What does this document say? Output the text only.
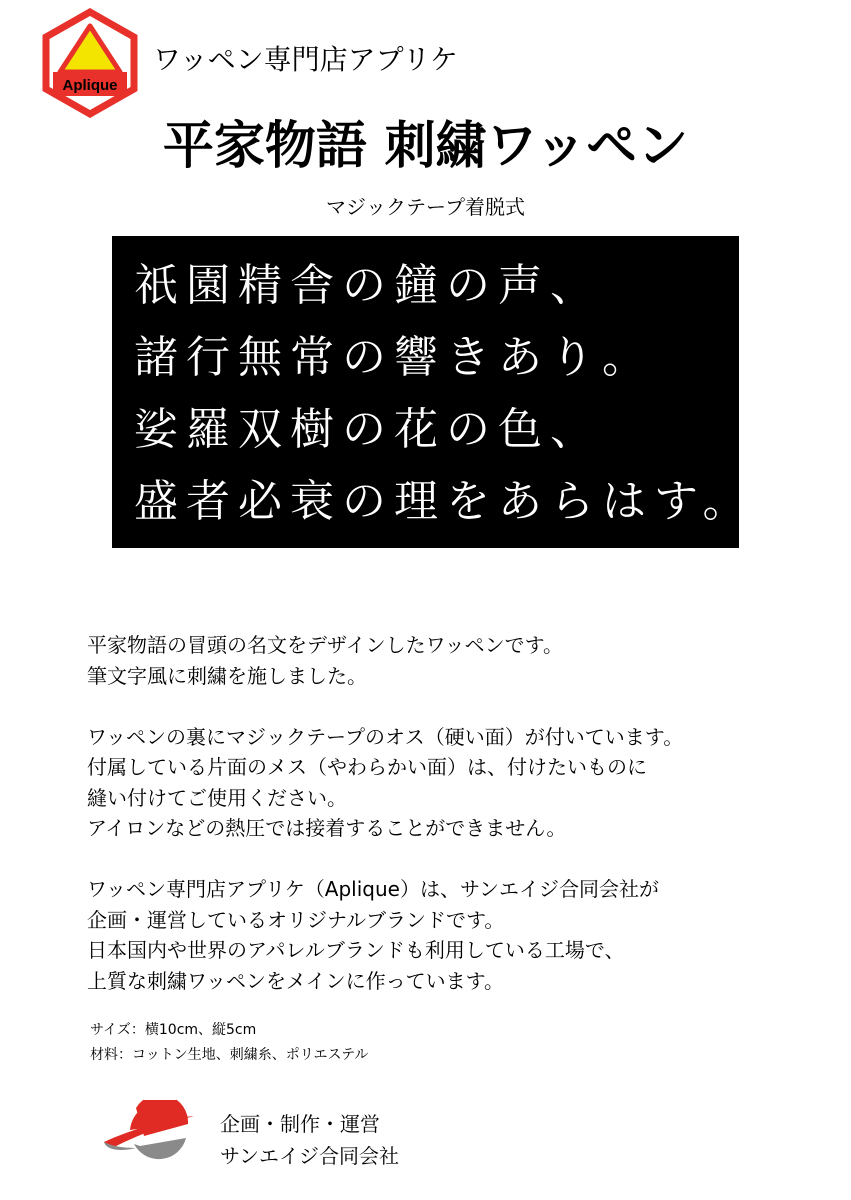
Aplique
ワッペン専門店アプリケ
平家物語 刺繍ワッペン
マジックテープ着脱式
祇園精舎の鐘の声、
諸行無常の響きあり。
娑羅双樹の花の色、
盛者必衰の理をあらはす。

平家物語の冒頭の名文をデザインしたワッペンです。
筆文字風に刺繍を施しました。

ワッペンの裏にマジックテープのオス（硬い面）が付いています。
付属している片面のメス（やわらかい面）は、付けたいものに
縫い付けてご使用ください。
アイロンなどの熱圧では接着することができません。

ワッペン専門店アプリケ（Aplique）は、サンエイジ合同会社が
企画・運営しているオリジナルブランドです。
日本国内や世界のアパレルブランドも利用している工場で、
上質な刺繍ワッペンをメインに作っています。

サイズ：横10cm、縦5cm
材料：コットン生地、刺繍糸、ポリエステル
企画・制作・運営
サンエイジ合同会社
